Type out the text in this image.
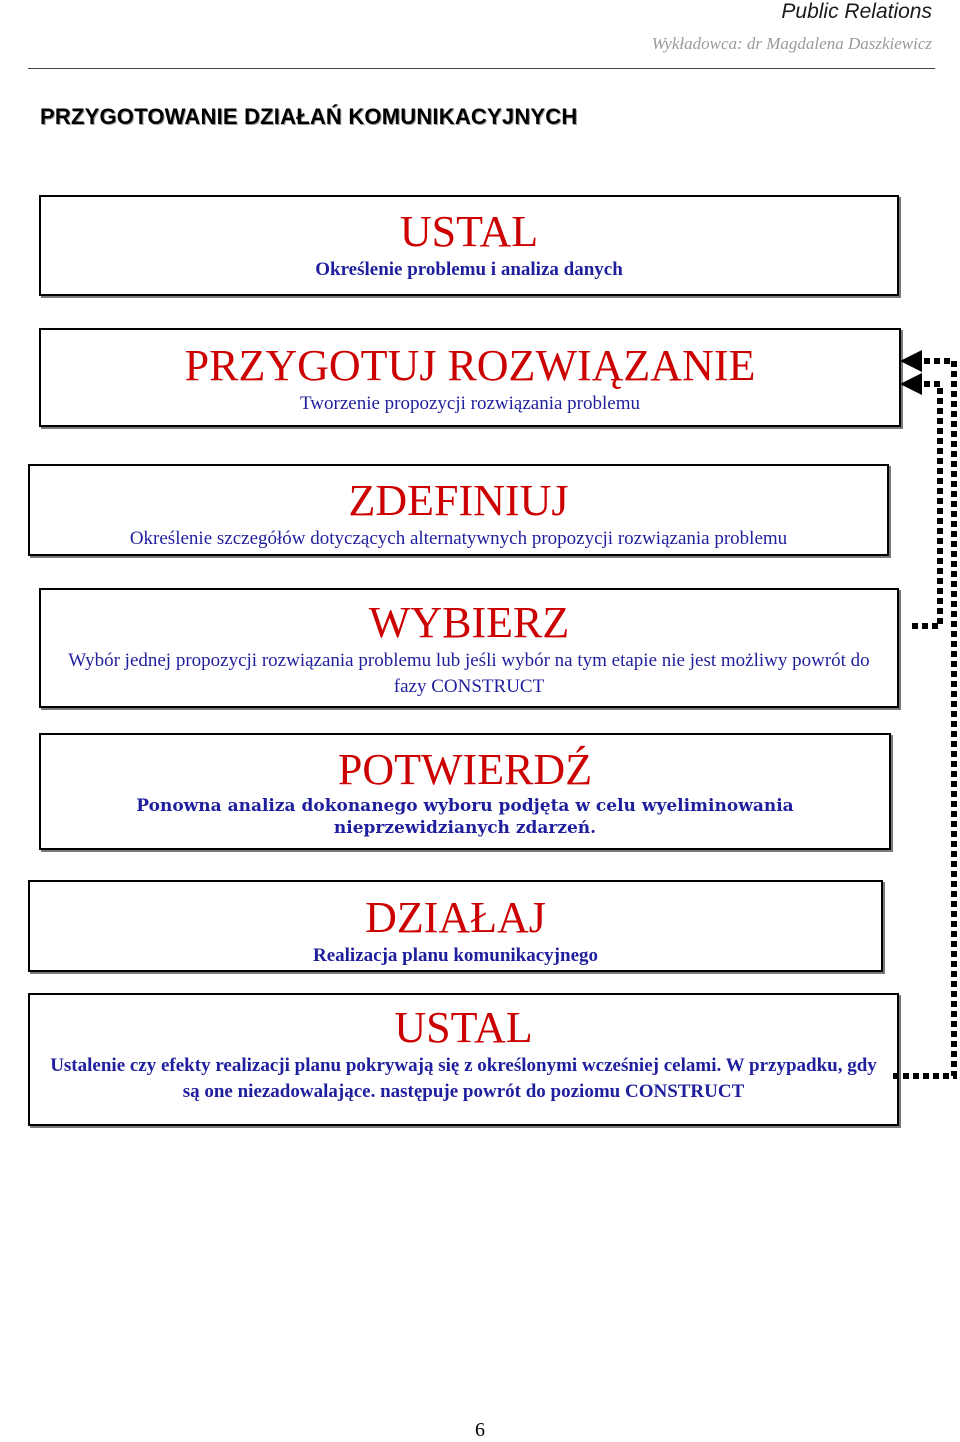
Public Relations
Wykładowca: dr Magdalena Daszkiewicz
PRZYGOTOWANIE DZIAŁAŃ KOMUNIKACYJNYCH
USTAL
Określenie problemu i analiza danych
PRZYGOTUJ ROZWIĄZANIE
Tworzenie propozycji rozwiązania problemu
ZDEFINIUJ
Określenie szczegółów dotyczących alternatywnych propozycji rozwiązania problemu
WYBIERZ
Wybór jednej propozycji rozwiązania problemu lub jeśli wybór na tym etapie nie jest możliwy powrót do fazy CONSTRUCT
POTWIERDŹ
Ponowna analiza dokonanego wyboru podjęta w celu wyeliminowania nieprzewidzianych zdarzeń.
DZIAŁAJ
Realizacja planu komunikacyjnego
USTAL
Ustalenie czy efekty realizacji planu pokrywają się z określonymi wcześniej celami. W przypadku, gdy są one niezadowalające. następuje powrót do poziomu CONSTRUCT
6
